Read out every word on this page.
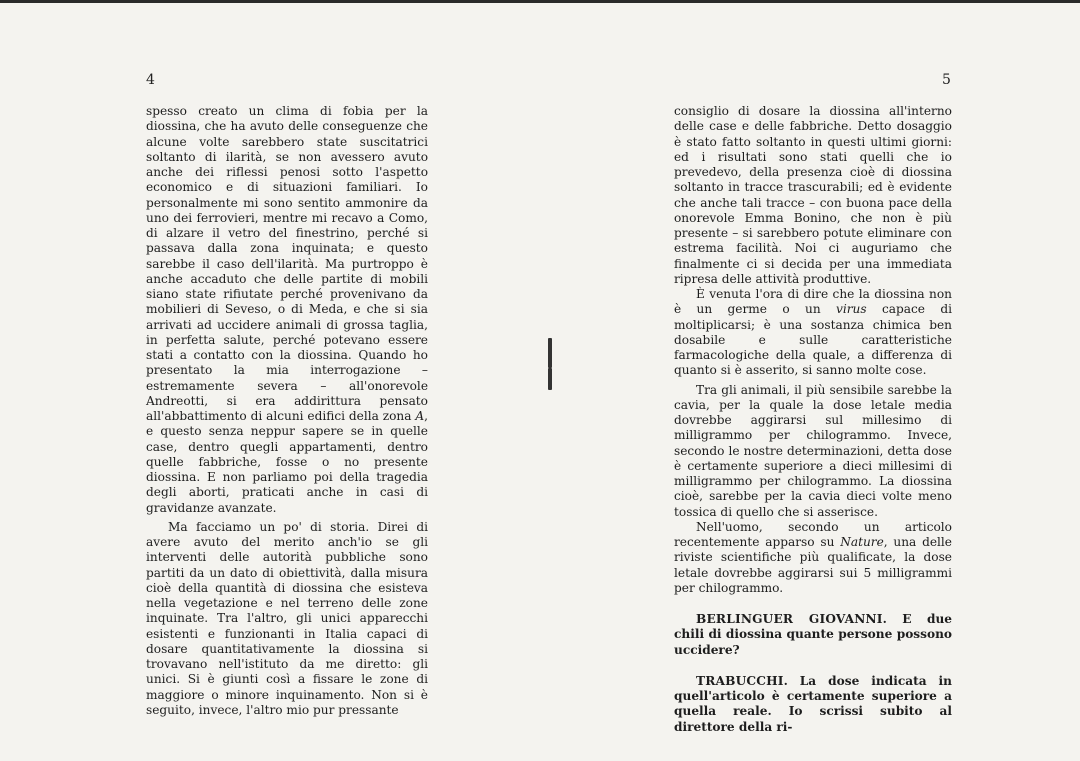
4	5

spesso creato un clima di fobia per la diossina, che ha avuto delle conseguenze che alcune volte sarebbero state suscitatrici soltanto di ilarità, se non avessero avuto anche dei riflessi penosi sotto l'aspetto economico e di situazioni familiari. Io personalmente mi sono sentito ammonire da uno dei ferrovieri, mentre mi recavo a Como, di alzare il vetro del finestrino, perché si passava dalla zona inquinata; e questo sarebbe il caso dell'ilarità. Ma purtroppo è anche accaduto che delle partite di mobili siano state rifiutate perché provenivano da mobilieri di Seveso, o di Meda, e che si sia arrivati ad uccidere animali di grossa taglia, in perfetta salute, perché potevano essere stati a contatto con la diossina. Quando ho presentato la mia interrogazione – estremamente severa – all'onorevole Andreotti, si era addirittura pensato all'abbattimento di alcuni edifici della zona A, e questo senza neppur sapere se in quelle case, dentro quegli appartamenti, dentro quelle fabbriche, fosse o no presente diossina. E non parliamo poi della tragedia degli aborti, praticati anche in casi di gravidanze avanzate.

Ma facciamo un po' di storia. Direi di avere avuto del merito anch'io se gli interventi delle autorità pubbliche sono partiti da un dato di obiettività, dalla misura cioè della quantità di diossina che esisteva nella vegetazione e nel terreno delle zone inquinate. Tra l'altro, gli unici apparecchi esistenti e funzionanti in Italia capaci di dosare quantitativamente la diossina si trovavano nell'istituto da me diretto: gli unici. Si è giunti così a fissare le zone di maggiore o minore inquinamento. Non si è seguito, invece, l'altro mio pur pressante

consiglio di dosare la diossina all'interno delle case e delle fabbriche. Detto dosaggio è stato fatto soltanto in questi ultimi giorni: ed i risultati sono stati quelli che io prevedevo, della presenza cioè di diossina soltanto in tracce trascurabili; ed è evidente che anche tali tracce – con buona pace della onorevole Emma Bonino, che non è più presente – si sarebbero potute eliminare con estrema facilità. Noi ci auguriamo che finalmente ci si decida per una immediata ripresa delle attività produttive.

È venuta l'ora di dire che la diossina non è un germe o un virus capace di moltiplicarsi; è una sostanza chimica ben dosabile e sulle caratteristiche farmacologiche della quale, a differenza di quanto si è asserito, si sanno molte cose.

Tra gli animali, il più sensibile sarebbe la cavia, per la quale la dose letale media dovrebbe aggirarsi sul millesimo di milligrammo per chilogrammo. Invece, secondo le nostre determinazioni, detta dose è certamente superiore a dieci millesimi di milligrammo per chilogrammo. La diossina cioè, sarebbe per la cavia dieci volte meno tossica di quello che si asserisce.

Nell'uomo, secondo un articolo recentemente apparso su Nature, una delle riviste scientifiche più qualificate, la dose letale dovrebbe aggirarsi sui 5 milligrammi per chilogrammo.

BERLINGUER GIOVANNI. E due chili di diossina quante persone possono uccidere?

TRABUCCHI. La dose indicata in quell'articolo è certamente superiore a quella reale. Io scrissi subito al direttore della ri-
